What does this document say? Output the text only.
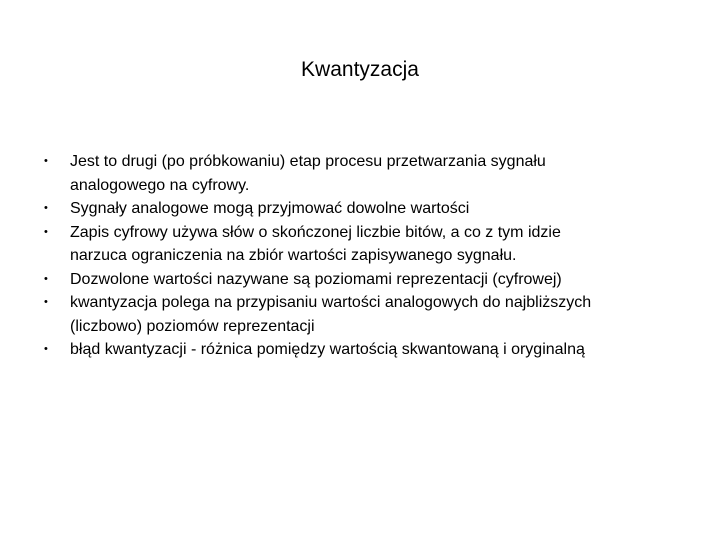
Kwantyzacja
•	Jest to drugi (po próbkowaniu) etap procesu przetwarzania sygnału
analogowego na cyfrowy.
•	Sygnały analogowe mogą przyjmować dowolne wartości
•	Zapis cyfrowy używa słów o skończonej liczbie bitów, a co z tym idzie
narzuca ograniczenia na zbiór wartości zapisywanego sygnału.
•	Dozwolone wartości nazywane są poziomami reprezentacji (cyfrowej)
•	kwantyzacja polega na przypisaniu wartości analogowych do najbliższych
(liczbowo) poziomów reprezentacji
•	błąd kwantyzacji - różnica pomiędzy wartością skwantowaną i oryginalną
